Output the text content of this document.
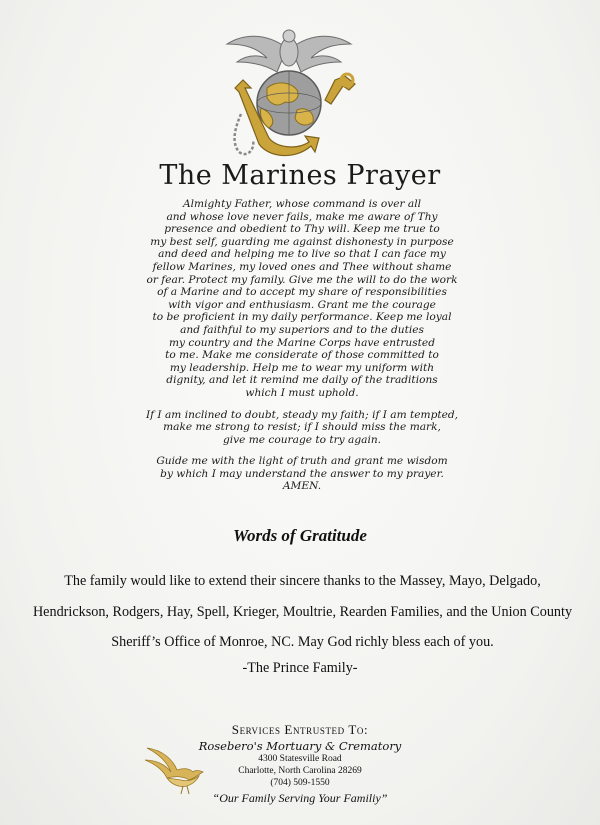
The Marines Prayer

Almighty Father, whose command is over all
and whose love never fails, make me aware of Thy
presence and obedient to Thy will. Keep me true to
my best self, guarding me against dishonesty in purpose
and deed and helping me to live so that I can face my
fellow Marines, my loved ones and Thee without shame
or fear. Protect my family. Give me the will to do the work
of a Marine and to accept my share of responsibilities
with vigor and enthusiasm. Grant me the courage
to be proficient in my daily performance. Keep me loyal
and faithful to my superiors and to the duties
my country and the Marine Corps have entrusted
to me. Make me considerate of those committed to
my leadership. Help me to wear my uniform with
dignity, and let it remind me daily of the traditions
which I must uphold.

If I am inclined to doubt, steady my faith; if I am tempted,
make me strong to resist; if I should miss the mark,
give me courage to try again.

Guide me with the light of truth and grant me wisdom
by which I may understand the answer to my prayer.
AMEN.

Words of Gratitude
The family would like to extend their sincere thanks to the Massey, Mayo, Delgado, Hendrickson, Rodgers, Hay, Spell, Krieger, Moultrie, Rearden Families, and the Union County Sheriff’s Office of Monroe, NC. May God richly bless each of you.
-The Prince Family-
Services Entrusted To:
Rosebero's Mortuary & Crematory
4300 Statesville Road
Charlotte, North Carolina 28269
(704) 509-1550
“Our Family Serving Your Familiy”
